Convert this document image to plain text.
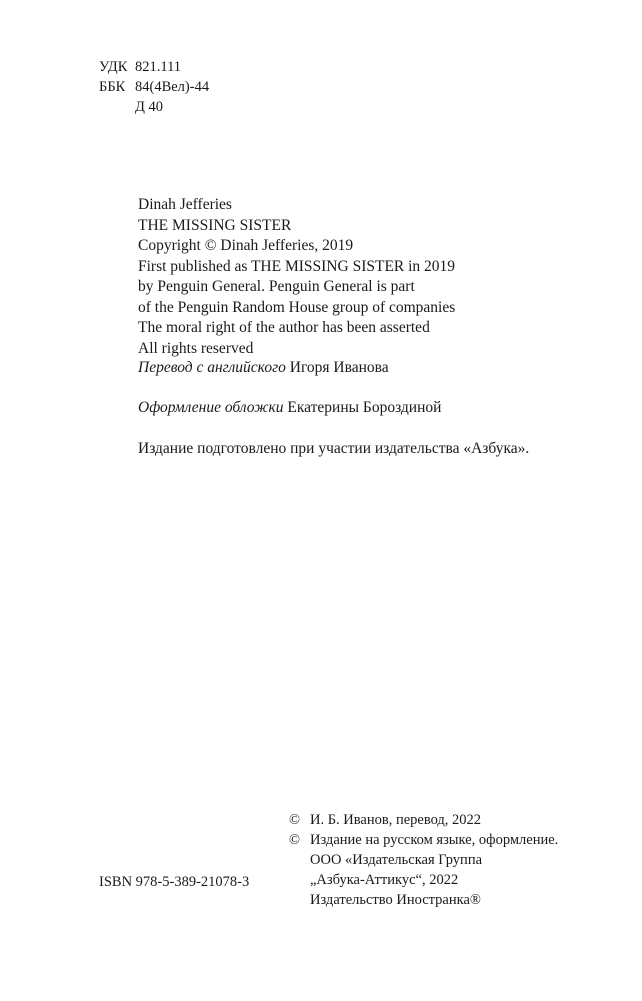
УДК 821.111
ББК 84(4Вел)-44
Д 40
Dinah Jefferies
THE MISSING SISTER
Copyright © Dinah Jefferies, 2019
First published as THE MISSING SISTER in 2019
by Penguin General. Penguin General is part
of the Penguin Random House group of companies
The moral right of the author has been asserted
All rights reserved
Перевод с английского Игоря Иванова
Оформление обложки Екатерины Бороздиной
Издание подготовлено при участии издательства «Азбука».
© И. Б. Иванов, перевод, 2022
© Издание на русском языке, оформление.
ООО «Издательская Группа
„Азбука-Аттикус“, 2022
Издательство Иностранка®
ISBN 978-5-389-21078-3
